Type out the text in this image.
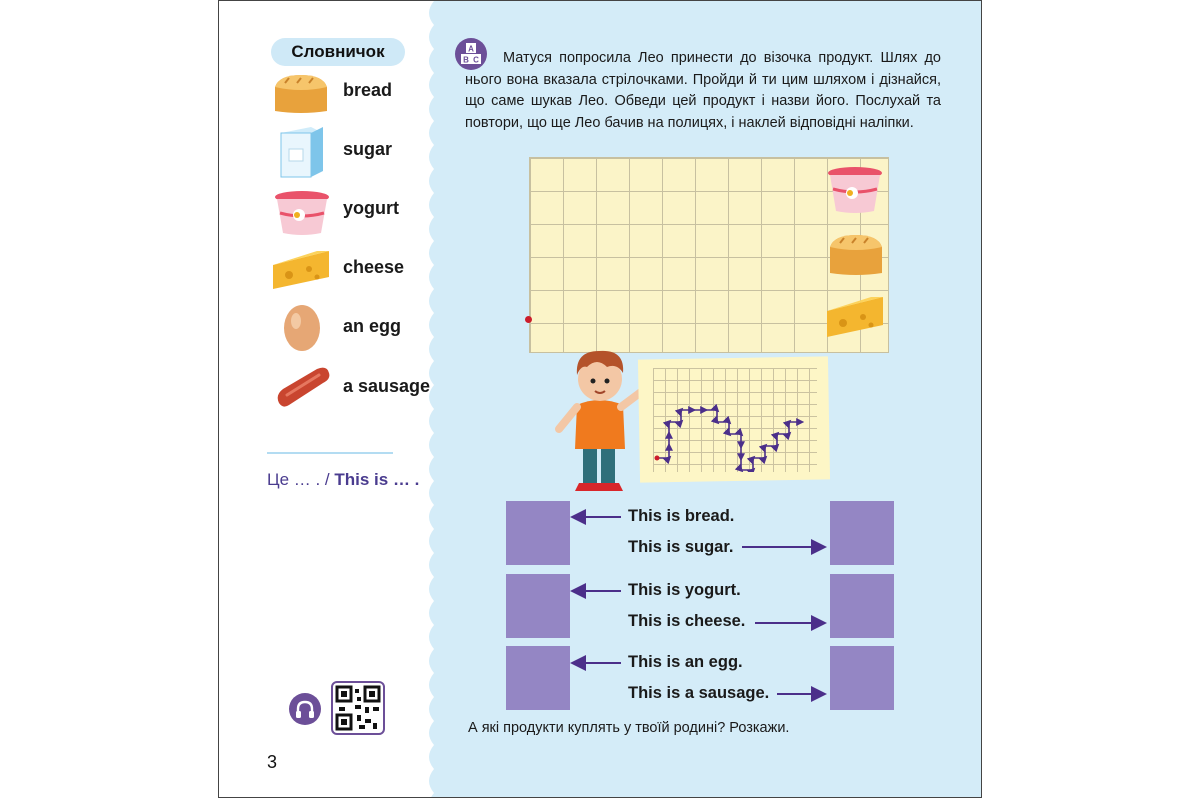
Словничок
bread
sugar
yogurt
cheese
an egg
a sausage
Це … . / This is … .
3
A
B C	Матуся попросила Лео принести до візочка продукт. Шлях до нього вона вказала стрілочками. Пройди й ти цим шляхом і дізнайся, що саме шукав Лео. Обведи цей продукт і назви його. Послухай та повтори, що ще Лео бачив на полицях, і наклей відповідні наліпки.

This is bread.
This is sugar.
This is yogurt.
This is cheese.
This is an egg.
This is a sausage.
А які продукти куплять у твоїй родині? Розкажи.
